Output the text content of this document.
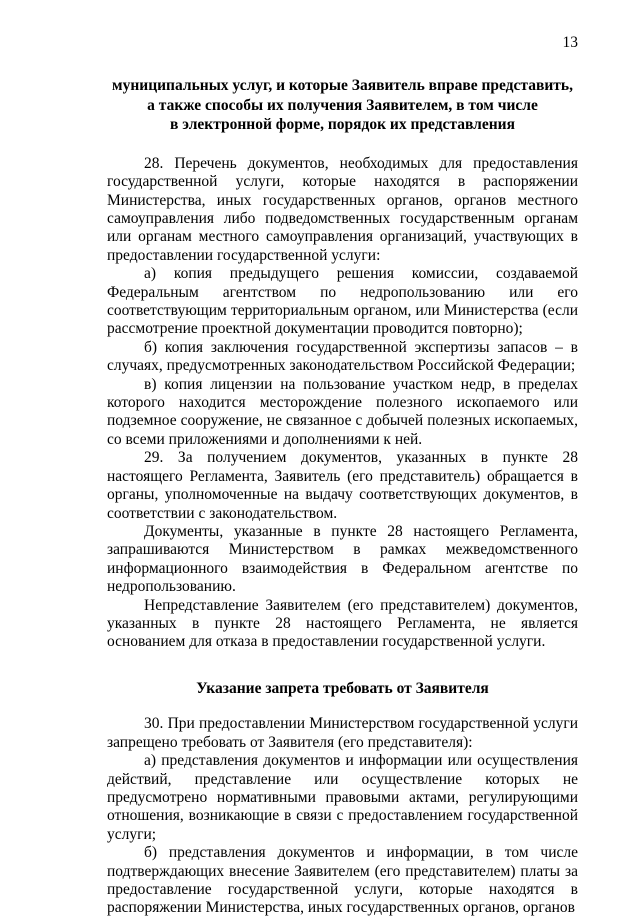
13
муниципальных услуг, и которые Заявитель вправе представить,
а также способы их получения Заявителем, в том числе
в электронной форме, порядок их представления
28. Перечень документов, необходимых для предоставления государственной услуги, которые находятся в распоряжении Министерства, иных государственных органов, органов местного самоуправления либо подведомственных государственным органам или органам местного самоуправления организаций, участвующих в предоставлении государственной услуги:
а) копия предыдущего решения комиссии, создаваемой Федеральным агентством по недропользованию или его соответствующим территориальным органом, или Министерства (если рассмотрение проектной документации проводится повторно);
б) копия заключения государственной экспертизы запасов – в случаях, предусмотренных законодательством Российской Федерации;
в) копия лицензии на пользование участком недр, в пределах которого находится месторождение полезного ископаемого или подземное сооружение, не связанное с добычей полезных ископаемых, со всеми приложениями и дополнениями к ней.
29. За получением документов, указанных в пункте 28 настоящего Регламента, Заявитель (его представитель) обращается в органы, уполномоченные на выдачу соответствующих документов, в соответствии с законодательством.
Документы, указанные в пункте 28 настоящего Регламента, запрашиваются Министерством в рамках межведомственного информационного взаимодействия в Федеральном агентстве по недропользованию.
Непредставление Заявителем (его представителем) документов, указанных в пункте 28 настоящего Регламента, не является основанием для отказа в предоставлении государственной услуги.
Указание запрета требовать от Заявителя
30. При предоставлении Министерством государственной услуги запрещено требовать от Заявителя (его представителя):
а) представления документов и информации или осуществления действий, представление или осуществление которых не предусмотрено нормативными правовыми актами, регулирующими отношения, возникающие в связи с предоставлением государственной услуги;
б) представления документов и информации, в том числе подтверждающих внесение Заявителем (его представителем) платы за предоставление государственной услуги, которые находятся в распоряжении Министерства, иных государственных органов, органов
